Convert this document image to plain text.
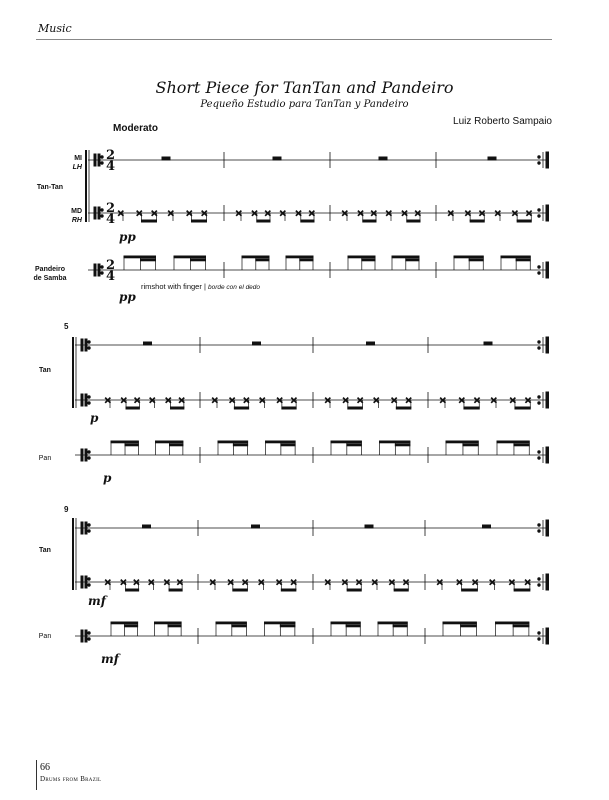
Music
Short Piece for TanTan and Pandeiro
Pequeño Estudio para TanTan y Pandeiro
Luiz Roberto Sampaio
Moderato
MI
LH
Tan-Tan
MD
RH
Pandeiro
de Samba
Tan
Pan
Tan
Pan
5
9
pp
pp
p
p
mf
mf
rimshot with finger | borde con el dedo
2
4
2
4
2
4
× × × × × ×	× × × × × ×	× × × × × ×	× × × × × ×
× × × × × ×	× × × × × ×	× × × × × ×	× × × × × ×
× × × × × ×	× × × × × ×	× × × × × ×	× × × × × ×
66
Drums from Brazil
